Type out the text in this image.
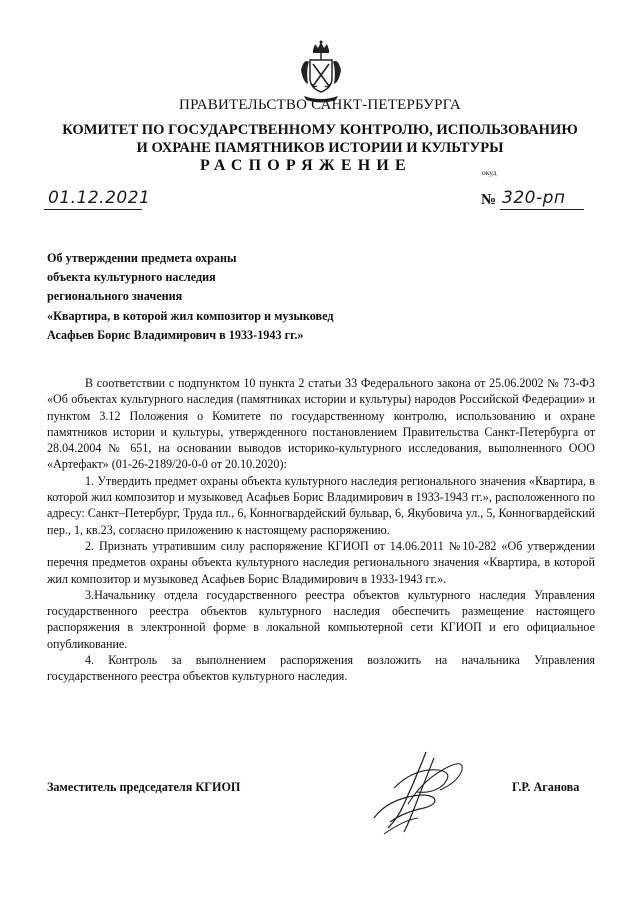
ПРАВИТЕЛЬСТВО САНКТ-ПЕТЕРБУРГА
КОМИТЕТ ПО ГОСУДАРСТВЕННОМУ КОНТРОЛЮ, ИСПОЛЬЗОВАНИЮ
И ОХРАНЕ ПАМЯТНИКОВ ИСТОРИИ И КУЛЬТУРЫ
РАСПОРЯЖЕНИЕ	окуд
01.12.2021	№ 320-рп
Об утверждении предмета охраны
объекта культурного наследия
регионального значения
«Квартира, в которой жил композитор и музыковед
Асафьев Борис Владимирович в 1933-1943 гг.»

В соответствии с подпунктом 10 пункта 2 статьи 33 Федерального закона от 25.06.2002 № 73-ФЗ «Об объектах культурного наследия (памятниках истории и культуры) народов Российской Федерации» и пунктом 3.12 Положения о Комитете по государственному контролю, использованию и охране памятников истории и культуры, утвержденного постановлением Правительства Санкт-Петербурга от 28.04.2004 № 651, на основании выводов историко-культурного исследования, выполненного ООО «Артефакт» (01-26-2189/20-0-0 от 20.10.2020):

1. Утвердить предмет охраны объекта культурного наследия регионального значения «Квартира, в которой жил композитор и музыковед Асафьев Борис Владимирович в 1933-1943 гг.», расположенного по адресу: Санкт–Петербург, Труда пл., 6, Конногвардейский бульвар, 6, Якубовича ул., 5, Конногвардейский пер., 1, кв.23, согласно приложению к настоящему распоряжению.

2. Признать утратившим силу распоряжение КГИОП от 14.06.2011 №10-282 «Об утверждении перечня предметов охраны объекта культурного наследия регионального значения «Квартира, в которой жил композитор и музыковед Асафьев Борис Владимирович в 1933-1943 гг.».

3.Начальнику отдела государственного реестра объектов культурного наследия Управления государственного реестра объектов культурного наследия обеспечить размещение настоящего распоряжения в электронной форме в локальной компьютерной сети КГИОП и его официальное опубликование.

4. Контроль за выполнением распоряжения возложить на начальника Управления государственного реестра объектов культурного наследия.

Заместитель председателя КГИОП	Г.Р. Аганова
